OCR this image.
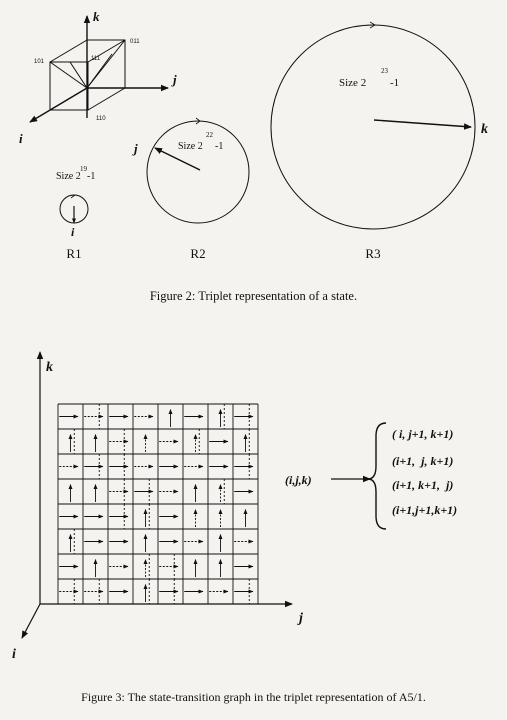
k
j
i
101	111
011
110
Size 2
19
-1
i
Size 2
22
-1
j
Size 2
23
-1
k
R1	R2	R3
k
j
i
(i,j,k)
( i, j+1, k+1)
(i+1,  j, k+1)
(i+1, k+1,  j)
(i+1,j+1,k+1)
Figure 2: Triplet representation of a state.
Figure 3: The state-transition graph in the triplet representation of A5/1.
